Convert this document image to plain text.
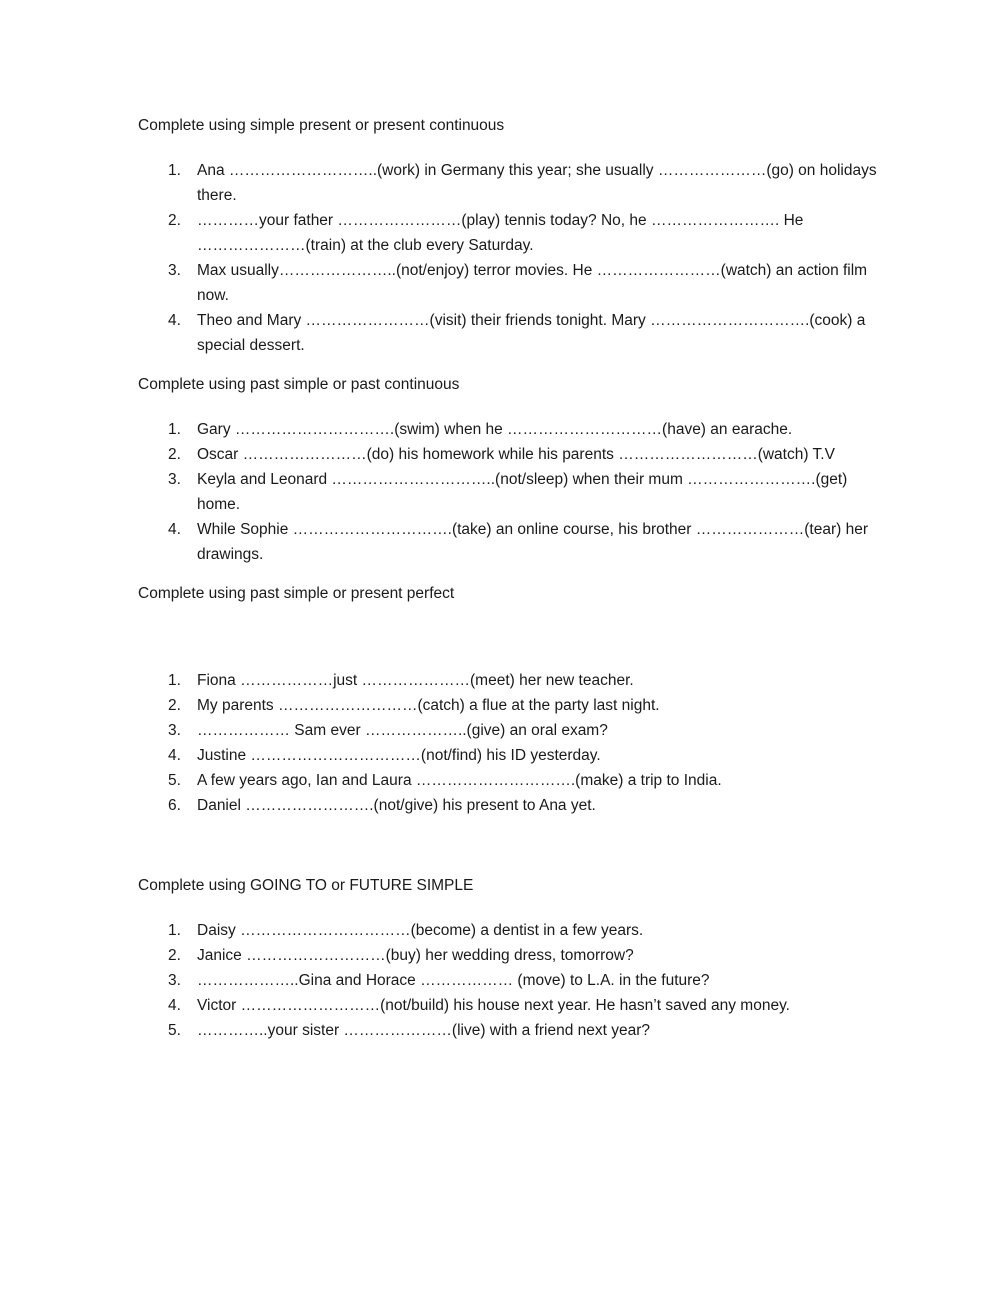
Complete using simple present or present continuous

1. Ana ………………………..(work) in Germany this year; she usually …………………(go) on holidays there.
2. …………your father ……………………(play) tennis today? No, he ……………………. He …………………(train) at the club every Saturday.
3. Max usually…………………..(not/enjoy) terror movies. He ……………………(watch) an action film now.
4. Theo and Mary ……………………(visit) their friends tonight. Mary ………………………….(cook) a special dessert.

Complete using past simple or past continuous

1. Gary ………………………….(swim) when he …………………………(have) an earache.
2. Oscar ……………………(do) his homework while his parents ………………………(watch) T.V
3. Keyla and Leonard …………………………..(not/sleep) when their mum …………………….(get) home.
4. While Sophie ………………………….(take) an online course, his brother …………………(tear) her drawings.

Complete using past simple or present perfect

1. Fiona ………………just …………………(meet) her new teacher.
2. My parents ………………………(catch) a flue at the party last night.
3. ……………… Sam ever ………………..(give) an oral exam?
4. Justine ……………………………(not/find) his ID yesterday.
5. A few years ago, Ian and Laura ………………………….(make) a trip to India.
6. Daniel …………………….(not/give) his present to Ana yet.

Complete using GOING TO or FUTURE SIMPLE

1. Daisy ……………………………(become) a dentist in a few years.
2. Janice ………………………(buy) her wedding dress, tomorrow?
3. ………………..Gina and Horace ……………… (move) to L.A. in the future?
4. Victor ………………………(not/build) his house next year. He hasn’t saved any money.
5. …………..your sister …………………(live) with a friend next year?
